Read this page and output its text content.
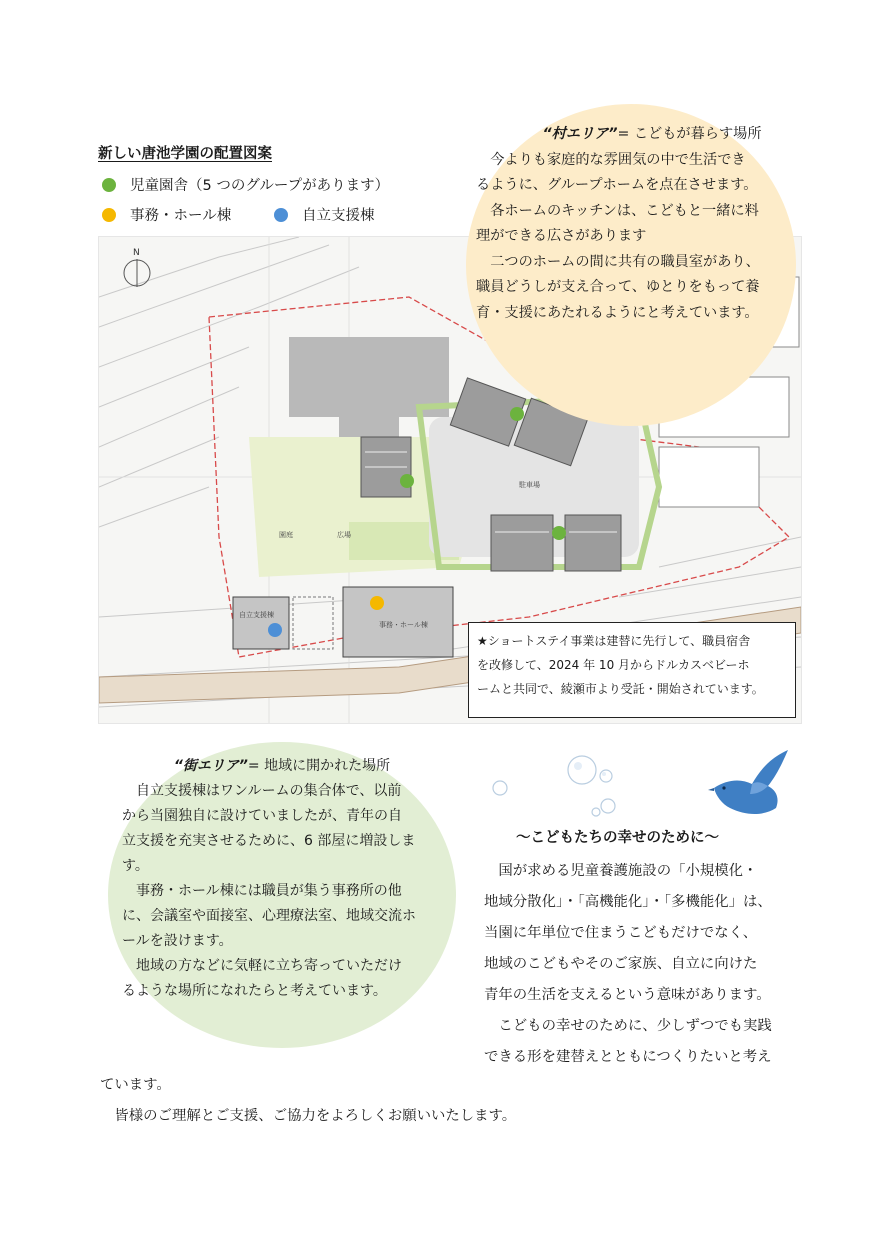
新しい唐池学園の配置図案
児童園舎（5 つのグループがあります）
事務・ホール棟	自立支援棟
N
広場
園庭
駐車場
自立支援棟
事務・ホール棟

“村エリア”= こどもが暮らす場所

　今よりも家庭的な雰囲気の中で生活でき

るように、グループホームを点在させます。

　各ホームのキッチンは、こどもと一緒に料

理ができる広さがあります

　二つのホームの間に共有の職員室があり、

職員どうしが支え合って、ゆとりをもって養

育・支援にあたれるようにと考えています。

★ショートステイ事業は建替に先行して、職員宿舎

を改修して、2024 年 10 月からドルカスベビーホ

ームと共同で、綾瀬市より受託・開始されています。

“街エリア”= 地域に開かれた場所

　自立支援棟はワンルームの集合体で、以前

から当園独自に設けていましたが、青年の自

立支援を充実させるために、6 部屋に増設しま

す。

　事務・ホール棟には職員が集う事務所の他

に、会議室や面接室、心理療法室、地域交流ホ

ールを設けます。

　地域の方などに気軽に立ち寄っていただけ

るような場所になれたらと考えています。

～こどもたちの幸せのために～

　国が求める児童養護施設の「小規模化・

地域分散化」・「高機能化」・「多機能化」は、

当園に年単位で住まうこどもだけでなく、

地域のこどもやそのご家族、自立に向けた

青年の生活を支えるという意味があります。

　こどもの幸せのために、少しずつでも実践

できる形を建替えとともにつくりたいと考え

ています。

　皆様のご理解とご支援、ご協力をよろしくお願いいたします。
